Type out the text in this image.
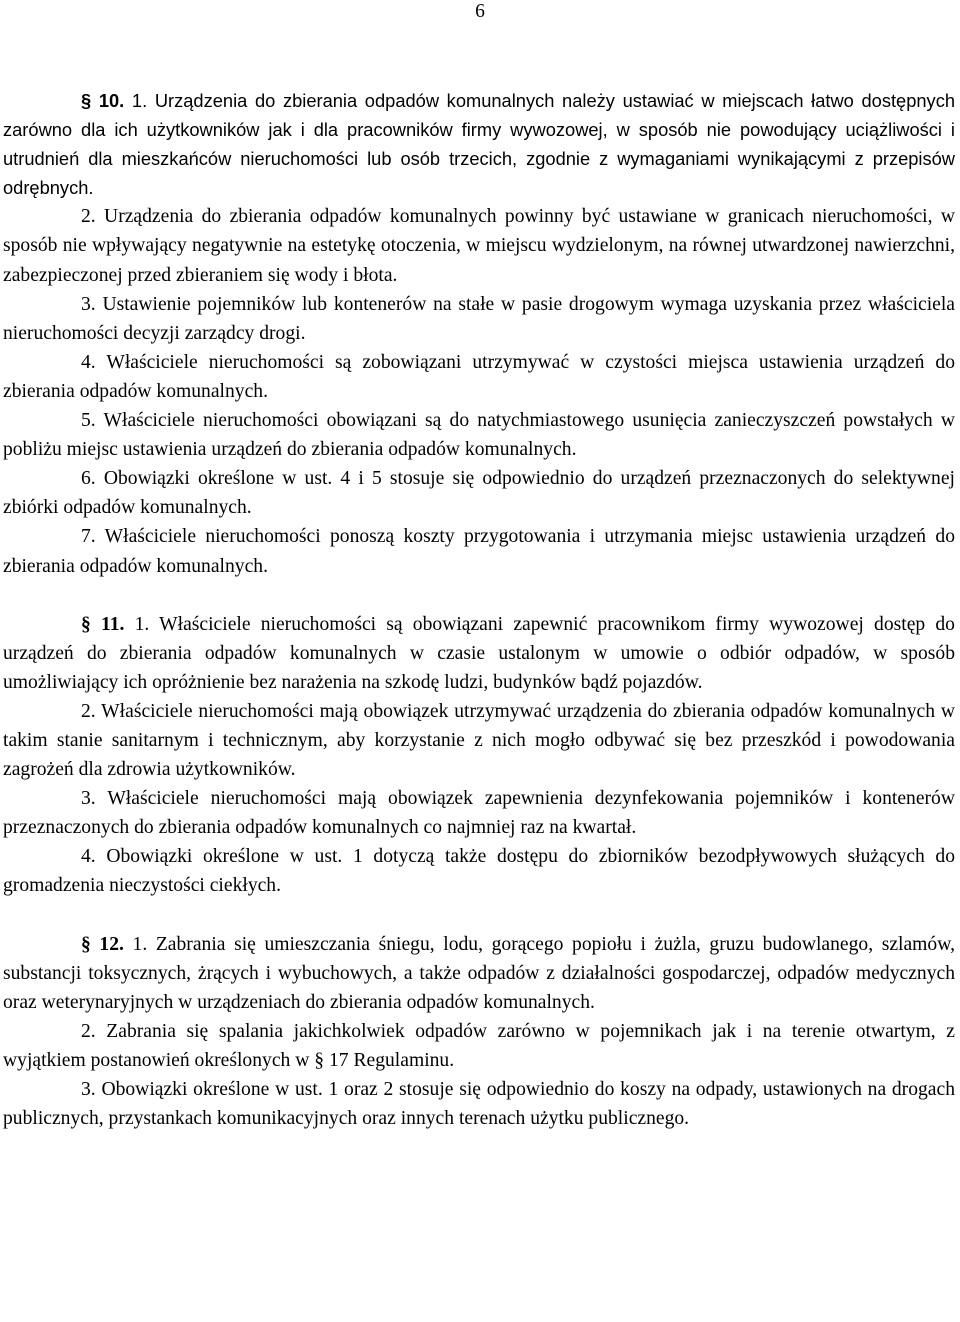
6

§ 10. 1. Urządzenia do zbierania odpadów komunalnych należy ustawiać w miejscach łatwo dostępnych zarówno dla ich użytkowników jak i dla pracowników firmy wywozowej, w sposób nie powodujący uciążliwości i utrudnień dla mieszkańców nieruchomości lub osób trzecich, zgodnie z wymaganiami wynikającymi z przepisów odrębnych.

2. Urządzenia do zbierania odpadów komunalnych powinny być ustawiane w granicach nieruchomości, w sposób nie wpływający negatywnie na estetykę otoczenia, w miejscu wydzielonym, na równej utwardzonej nawierzchni, zabezpieczonej przed zbieraniem się wody i błota.

3. Ustawienie pojemników lub kontenerów na stałe w pasie drogowym wymaga uzyskania przez właściciela nieruchomości decyzji zarządcy drogi.

4. Właściciele nieruchomości są zobowiązani utrzymywać w czystości miejsca ustawienia urządzeń do zbierania odpadów komunalnych.

5. Właściciele nieruchomości obowiązani są do natychmiastowego usunięcia zanieczyszczeń powstałych w pobliżu miejsc ustawienia urządzeń do zbierania odpadów komunalnych.

6. Obowiązki określone w ust. 4 i 5 stosuje się odpowiednio do urządzeń przeznaczonych do selektywnej zbiórki odpadów komunalnych.

7. Właściciele nieruchomości ponoszą koszty przygotowania i utrzymania miejsc ustawienia urządzeń do zbierania odpadów komunalnych.

§ 11. 1. Właściciele nieruchomości są obowiązani zapewnić pracownikom firmy wywozowej dostęp do urządzeń do zbierania odpadów komunalnych w czasie ustalonym w umowie o odbiór odpadów, w sposób umożliwiający ich opróżnienie bez narażenia na szkodę ludzi, budynków bądź pojazdów.

2. Właściciele nieruchomości mają obowiązek utrzymywać urządzenia do zbierania odpadów komunalnych w takim stanie sanitarnym i technicznym, aby korzystanie z nich mogło odbywać się bez przeszkód i powodowania zagrożeń dla zdrowia użytkowników.

3. Właściciele nieruchomości mają obowiązek zapewnienia dezynfekowania pojemników i kontenerów przeznaczonych do zbierania odpadów komunalnych co najmniej raz na kwartał.

4. Obowiązki określone w ust. 1 dotyczą także dostępu do zbiorników bezodpływowych służących do gromadzenia nieczystości ciekłych.

§ 12. 1. Zabrania się umieszczania śniegu, lodu, gorącego popiołu i żużla, gruzu budowlanego, szlamów, substancji toksycznych, żrących i wybuchowych, a także odpadów z działalności gospodarczej, odpadów medycznych oraz weterynaryjnych w urządzeniach do zbierania odpadów komunalnych.

2. Zabrania się spalania jakichkolwiek odpadów zarówno w pojemnikach jak i na terenie otwartym, z wyjątkiem postanowień określonych w § 17 Regulaminu.

3. Obowiązki określone w ust. 1 oraz 2 stosuje się odpowiednio do koszy na odpady, ustawionych na drogach publicznych, przystankach komunikacyjnych oraz innych terenach użytku publicznego.
